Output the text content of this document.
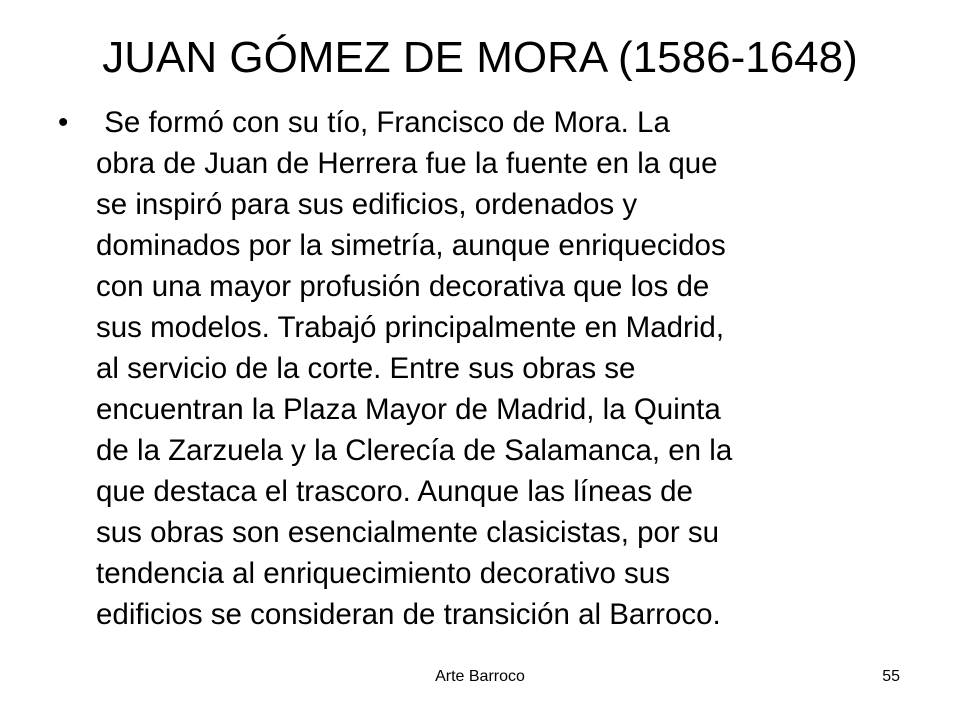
JUAN GÓMEZ DE MORA (1586-1648)
• Se formó con su tío, Francisco de Mora. La
obra de Juan de Herrera fue la fuente en la que
se inspiró para sus edificios, ordenados y
dominados por la simetría, aunque enriquecidos
con una mayor profusión decorativa que los de
sus modelos. Trabajó principalmente en Madrid,
al servicio de la corte. Entre sus obras se
encuentran la Plaza Mayor de Madrid, la Quinta
de la Zarzuela y la Clerecía de Salamanca, en la
que destaca el trascoro. Aunque las líneas de
sus obras son esencialmente clasicistas, por su
tendencia al enriquecimiento decorativo sus
edificios se consideran de transición al Barroco.
Arte Barroco	55
